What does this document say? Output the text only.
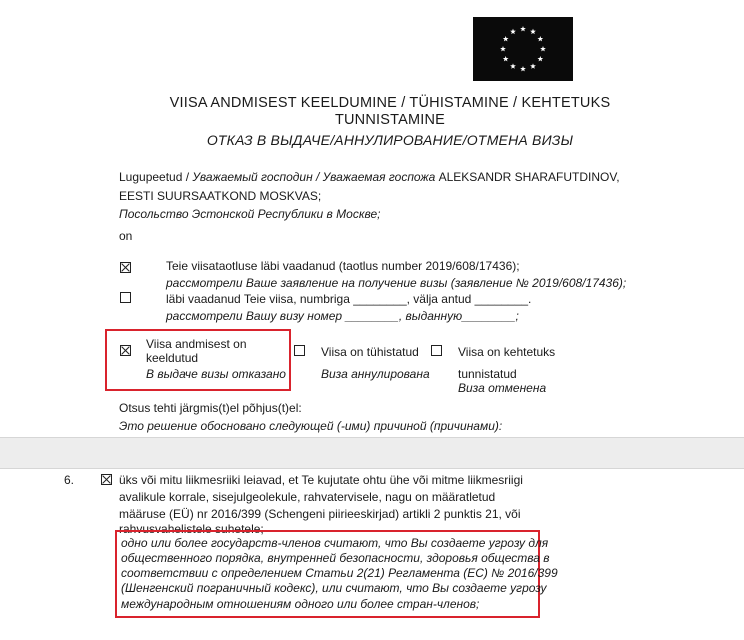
VIISA ANDMISEST KEELDUMINE / TÜHISTAMINE / KEHTETUKS
TUNNISTAMINE
ОТКАЗ В ВЫДАЧЕ/АННУЛИРОВАНИЕ/ОТМЕНА ВИЗЫ
Lugupeetud / Уважаемый господин / Уважаемая госпожа ALEKSANDR SHARAFUTDINOV,
EESTI SUURSAATKOND MOSKVAS;
Посольство Эстонской Республики в Москве;
on
Teie viisataotluse läbi vaadanud (taotlus number 2019/608/17436);
рассмотрели Ваше заявление на получение визы (заявление № 2019/608/17436);
läbi vaadanud Teie viisa, numbriga ________, välja antud ________.
рассмотрели Вашу визу номер ________, выданную________;
Viisa andmisest on
keeldutud
В выдаче визы отказано
Viisa on tühistatud
Виза аннулирована
Viisa on kehtetuks
tunnistatud
Виза отменена
Otsus tehti järgmis(t)el põhjus(t)el:
Это решение обосновано следующей (-ими) причиной (причинами):
6.	üks või mitu liikmesriiki leiavad, et Te kujutate ohtu ühe või mitme liikmesriigi
avalikule korrale, sisejulgeolekule, rahvatervisele, nagu on määratletud
määruse (EÜ) nr 2016/399 (Schengeni piirieeskirjad) artikli 2 punktis 21, või
rahvusvahelistele suhetele;
одно или более государств-членов считают, что Вы создаете угрозу для
общественного порядка, внутренней безопасности, здоровья общества в
соответствии с определением Статьи 2(21) Регламента (ЕС) № 2016/399
(Шенгенский пограничный кодекс), или считают, что Вы создаете угрозу
международным отношениям одного или более стран-членов;
